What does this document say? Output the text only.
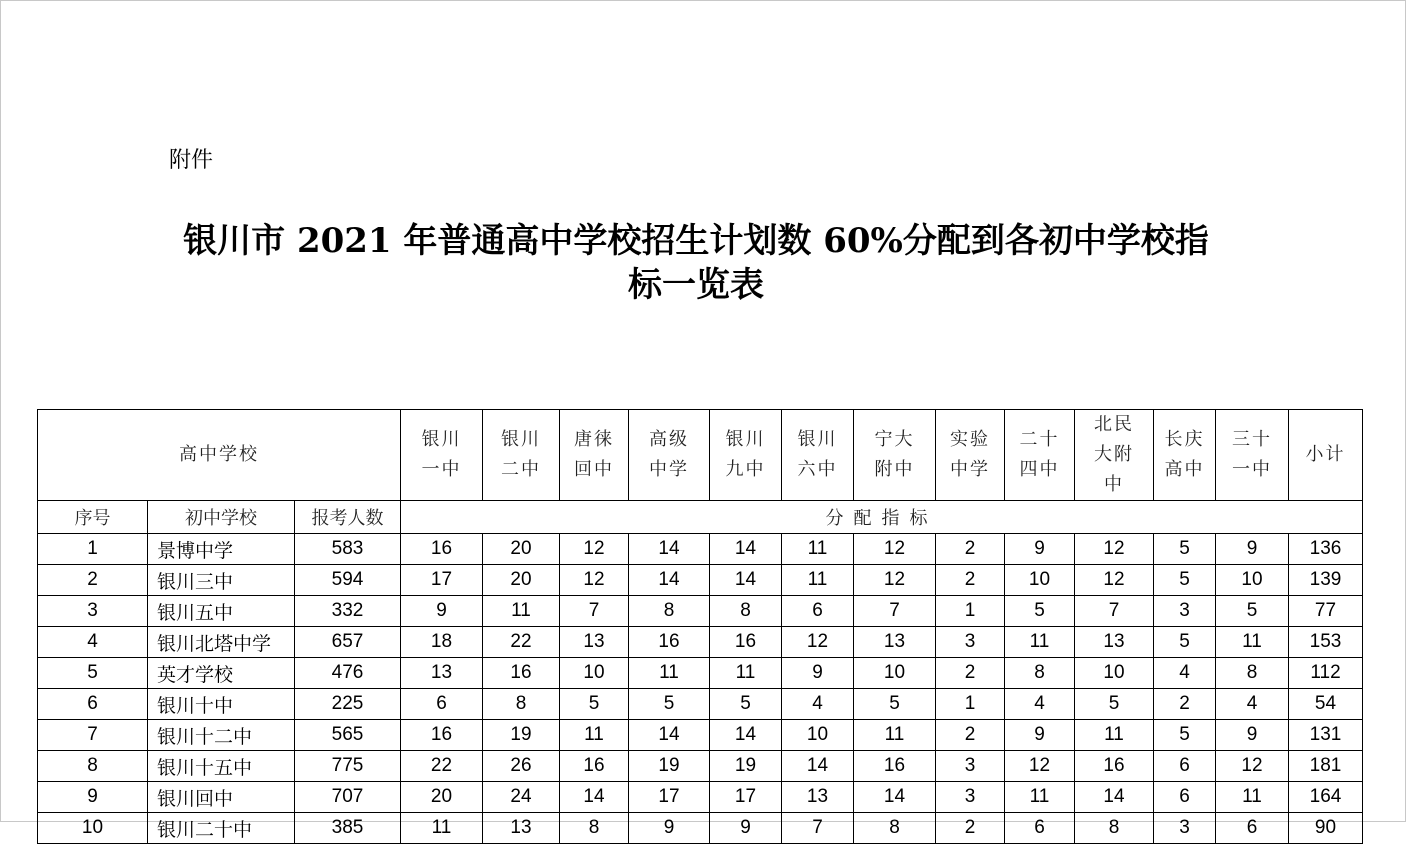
附件
银川市 2021 年普通高中学校招生计划数 60%分配到各初中学校指
标一览表
高中学校			银川一中	银川二中	唐徕回中	高级中学	银川九中	银川六中	宁大附中	实验中学	二十四中	北民大附中	长庆高中	三十一中	小计
序号	初中学校	报考人数	分配指标												
1	景博中学	583	16	20	12	14	14	11	12	2	9	12	5	9	136
2	银川三中	594	17	20	12	14	14	11	12	2	10	12	5	10	139
3	银川五中	332	9	11	7	8	8	6	7	1	5	7	3	5	77
4	银川北塔中学	657	18	22	13	16	16	12	13	3	11	13	5	11	153
5	英才学校	476	13	16	10	11	11	9	10	2	8	10	4	8	112
6	银川十中	225	6	8	5	5	5	4	5	1	4	5	2	4	54
7	银川十二中	565	16	19	11	14	14	10	11	2	9	11	5	9	131
8	银川十五中	775	22	26	16	19	19	14	16	3	12	16	6	12	181
9	银川回中	707	20	24	14	17	17	13	14	3	11	14	6	11	164
10	银川二十中	385	11	13	8	9	9	7	8	2	6	8	3	6	90
